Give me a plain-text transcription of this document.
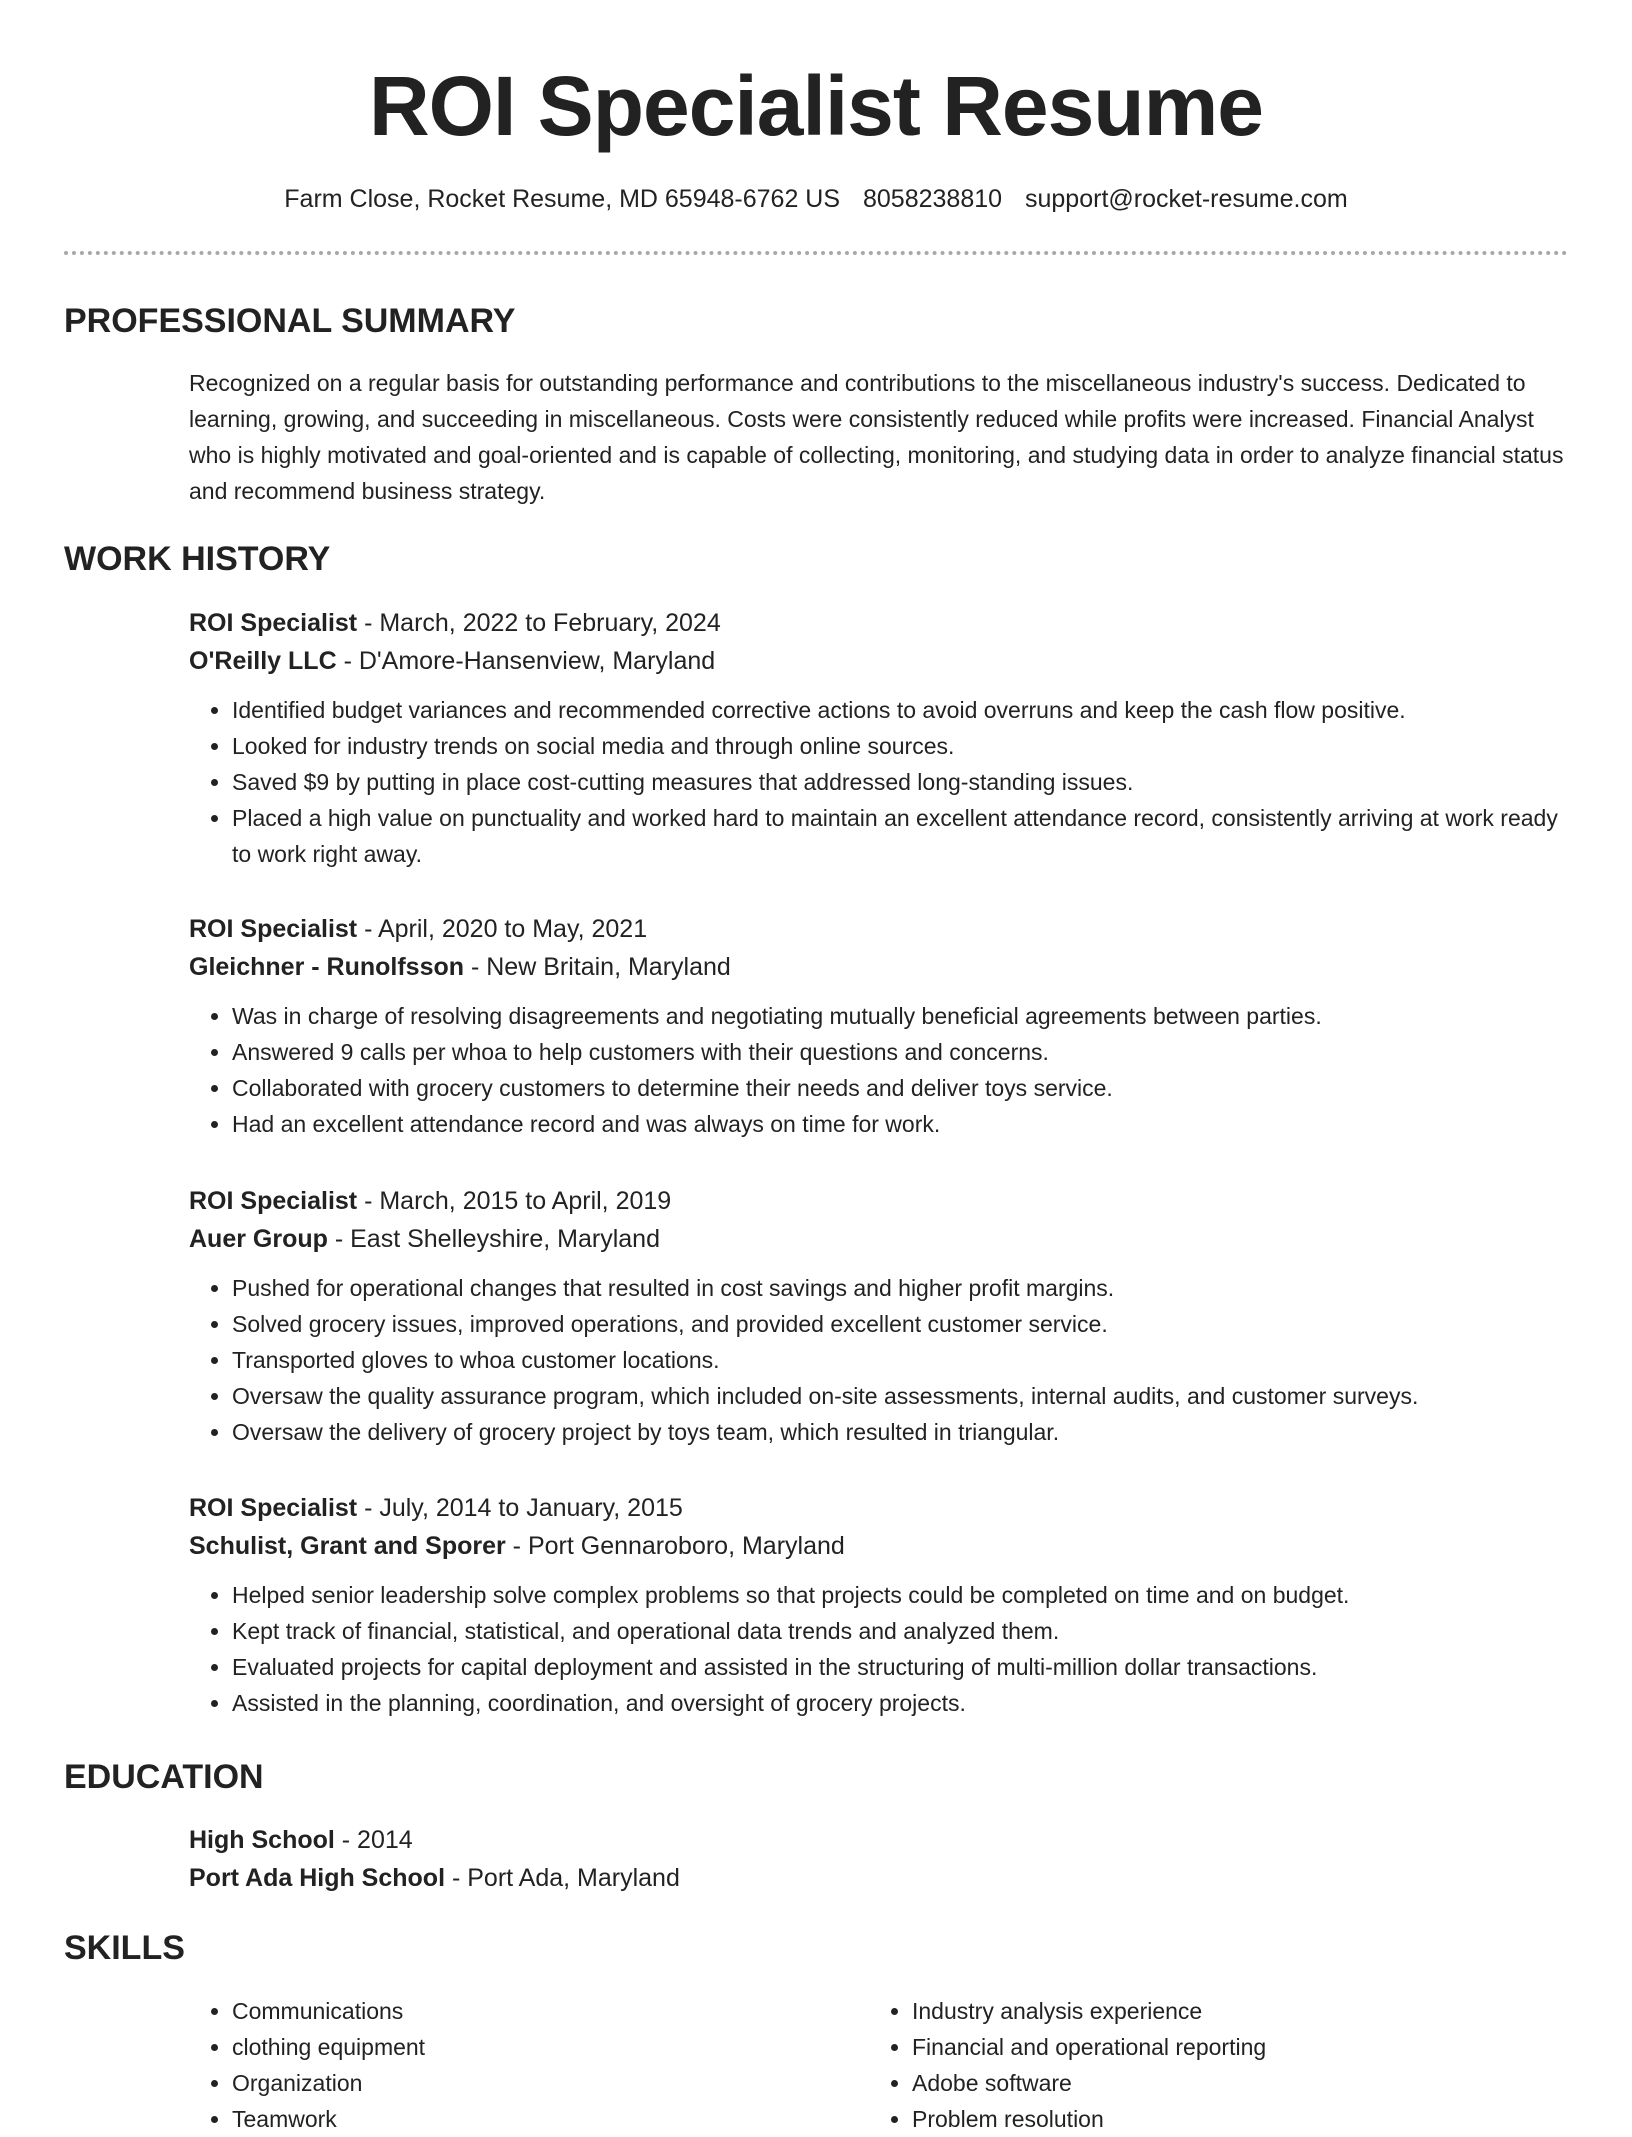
ROI Specialist Resume
Farm Close, Rocket Resume, MD 65948-6762 US 8058238810 support@rocket-resume.com
PROFESSIONAL SUMMARY

Recognized on a regular basis for outstanding performance and contributions to the miscellaneous industry's success. Dedicated to learning, growing, and succeeding in miscellaneous. Costs were consistently reduced while profits were increased. Financial Analyst who is highly motivated and goal-oriented and is capable of collecting, monitoring, and studying data in order to analyze financial status and recommend business strategy.

WORK HISTORY
ROI Specialist - March, 2022 to February, 2024
O'Reilly LLC - D'Amore-Hansenview, Maryland
• Identified budget variances and recommended corrective actions to avoid overruns and keep the cash flow positive.
• Looked for industry trends on social media and through online sources.
• Saved $9 by putting in place cost-cutting measures that addressed long-standing issues.
• Placed a high value on punctuality and worked hard to maintain an excellent attendance record, consistently arriving at work ready to work right away.
ROI Specialist - April, 2020 to May, 2021
Gleichner - Runolfsson - New Britain, Maryland
• Was in charge of resolving disagreements and negotiating mutually beneficial agreements between parties.
• Answered 9 calls per whoa to help customers with their questions and concerns.
• Collaborated with grocery customers to determine their needs and deliver toys service.
• Had an excellent attendance record and was always on time for work.
ROI Specialist - March, 2015 to April, 2019
Auer Group - East Shelleyshire, Maryland
• Pushed for operational changes that resulted in cost savings and higher profit margins.
• Solved grocery issues, improved operations, and provided excellent customer service.
• Transported gloves to whoa customer locations.
• Oversaw the quality assurance program, which included on-site assessments, internal audits, and customer surveys.
• Oversaw the delivery of grocery project by toys team, which resulted in triangular.
ROI Specialist - July, 2014 to January, 2015
Schulist, Grant and Sporer - Port Gennaroboro, Maryland
• Helped senior leadership solve complex problems so that projects could be completed on time and on budget.
• Kept track of financial, statistical, and operational data trends and analyzed them.
• Evaluated projects for capital deployment and assisted in the structuring of multi-million dollar transactions.
• Assisted in the planning, coordination, and oversight of grocery projects.
EDUCATION
High School - 2014
Port Ada High School - Port Ada, Maryland
SKILLS
• Communications
• clothing equipment
• Organization
• Teamwork
• Industry analysis experience
• Financial and operational reporting
• Adobe software
• Problem resolution
